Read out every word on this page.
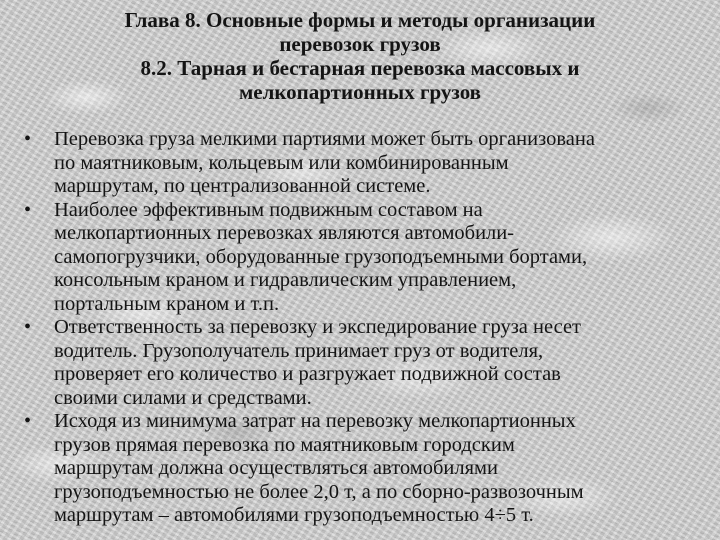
Глава 8. Основные формы и методы организации
перевозок грузов
8.2. Тарная и бестарная перевозка массовых и
мелкопартионных грузов
• Перевозка груза мелкими партиями может быть организована
по маятниковым, кольцевым или комбинированным
маршрутам, по централизованной системе.
• Наиболее эффективным подвижным составом на
мелкопартионных перевозках являются автомобили-
самопогрузчики, оборудованные грузоподъемными бортами,
консольным краном и гидравлическим управлением,
портальным краном и т.п.
• Ответственность за перевозку и экспедирование груза несет
водитель. Грузополучатель принимает груз от водителя,
проверяет его количество и разгружает подвижной состав
своими силами и средствами.
• Исходя из минимума затрат на перевозку мелкопартионных
грузов прямая перевозка по маятниковым городским
маршрутам должна осуществляться автомобилями
грузоподъемностью не более 2,0 т, а по сборно-развозочным
маршрутам – автомобилями грузоподъемностью 4÷5 т.
